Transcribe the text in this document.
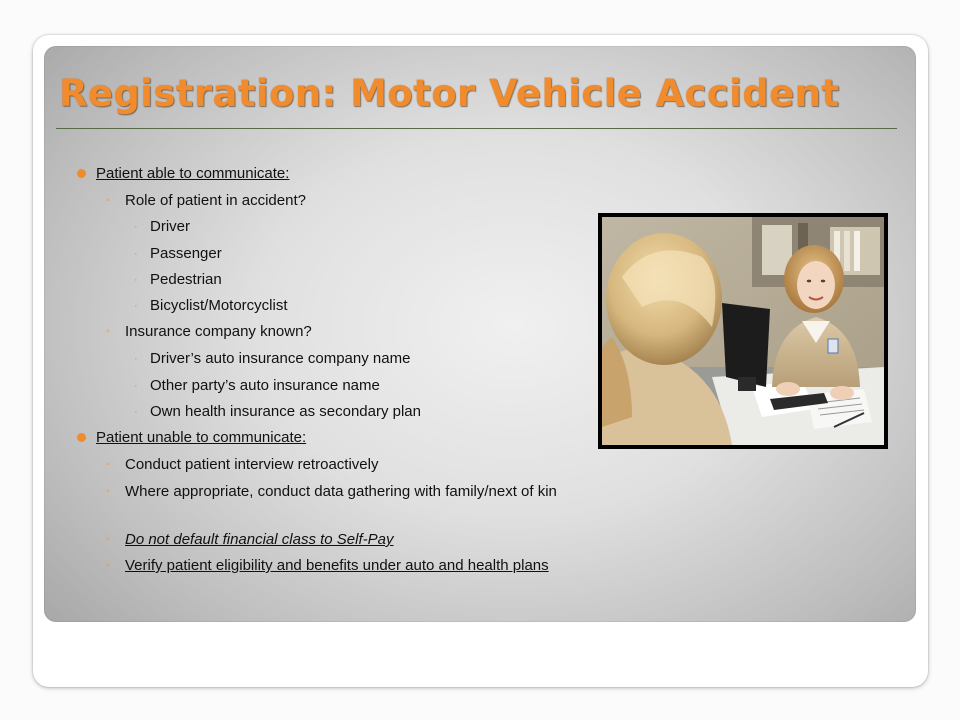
Registration: Motor Vehicle Accident
Patient able to communicate:
◦ Role of patient in accident?
· Driver
· Passenger
· Pedestrian
· Bicyclist/Motorcyclist
◦ Insurance company known?
· Driver’s auto insurance company name
· Other party’s auto insurance name
· Own health insurance as secondary plan
Patient unable to communicate:
◦ Conduct patient interview retroactively
◦ Where appropriate, conduct data gathering with family/next of kin
◦ Do not default financial class to Self-Pay
◦ Verify patient eligibility and benefits under auto and health plans
